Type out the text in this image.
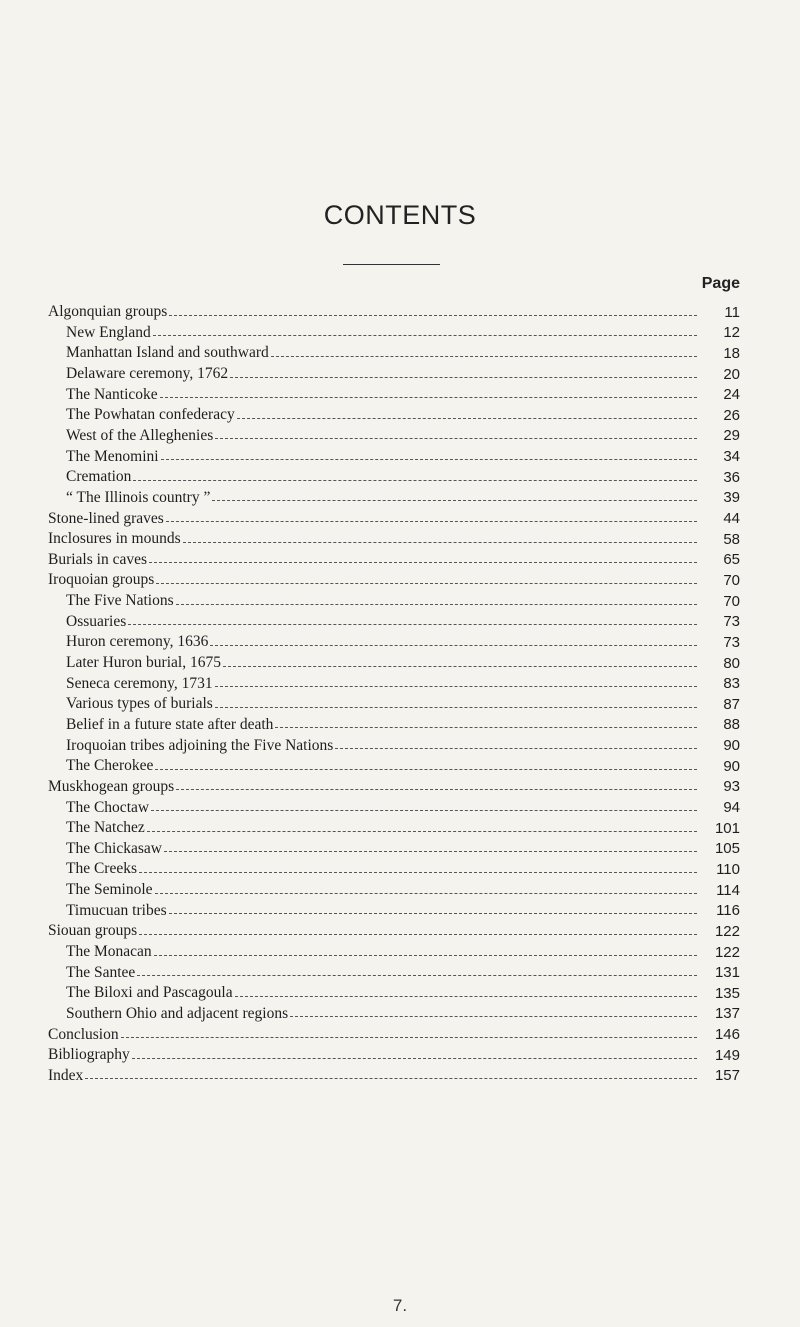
CONTENTS
Page
Algonquian groups	11
New England	12
Manhattan Island and southward	18
Delaware ceremony, 1762	20
The Nanticoke	24
The Powhatan confederacy	26
West of the Alleghenies	29
The Menomini	34
Cremation	36
“ The Illinois country ”	39
Stone-lined graves	44
Inclosures in mounds	58
Burials in caves	65
Iroquoian groups	70
The Five Nations	70
Ossuaries	73
Huron ceremony, 1636	73
Later Huron burial, 1675	80
Seneca ceremony, 1731	83
Various types of burials	87
Belief in a future state after death	88
Iroquoian tribes adjoining the Five Nations	90
The Cherokee	90
Muskhogean groups	93
The Choctaw	94
The Natchez	101
The Chickasaw	105
The Creeks	110
The Seminole	114
Timucuan tribes	116
Siouan groups	122
The Monacan	122
The Santee	131
The Biloxi and Pascagoula	135
Southern Ohio and adjacent regions	137
Conclusion	146
Bibliography	149
Index	157
7.
